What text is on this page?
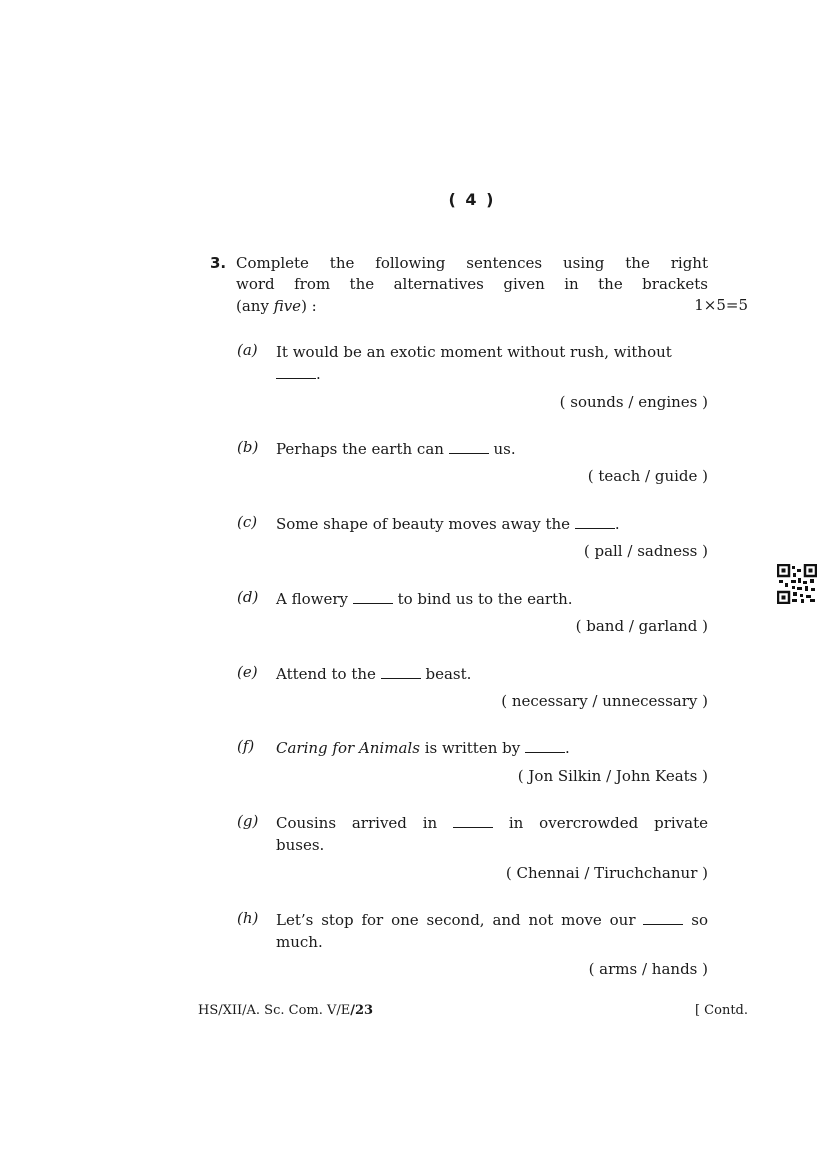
( 4 )
3. Complete the following sentences using the right
word from the alternatives given in the brackets
(any five) :	1×5=5
(a) It would be an exotic moment without rush, without
.
( sounds / engines )
(b) Perhaps the earth can	us.
( teach / guide )
(c) Some shape of beauty moves away the	.
( pall / sadness )
(d) A flowery	to bind us to the earth.
( band / garland )
(e) Attend to the	beast.
( necessary / unnecessary )
(f) Caring for Animals is written by	.
( Jon Silkin / John Keats )
(g) Cousins arrived in	in overcrowded private
buses.
( Chennai / Tiruchchanur )
(h) Let’s stop for one second, and not move our	so
much.
( arms / hands )
HS/XII/A. Sc. Com. V/E/23	[ Contd.
